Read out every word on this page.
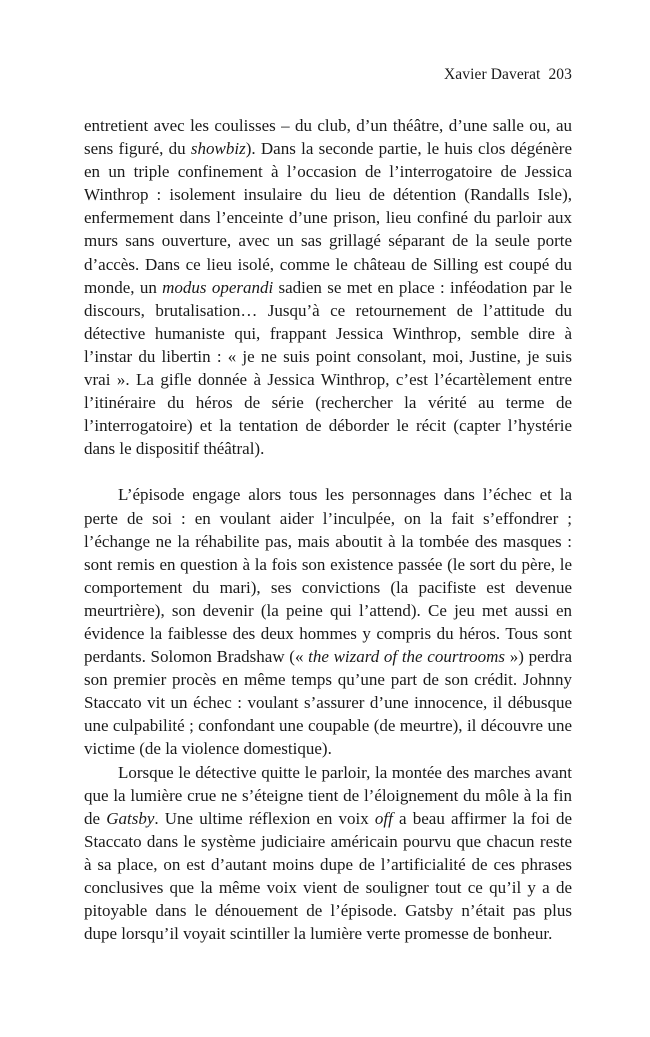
Xavier Daverat 203

entretient avec les coulisses – du club, d’un théâtre, d’une salle ou, au sens figuré, du showbiz). Dans la seconde partie, le huis clos dégénère en un triple confinement à l’occasion de l’interrogatoire de Jessica Winthrop : isolement insulaire du lieu de détention (Randalls Isle), enfermement dans l’enceinte d’une prison, lieu confiné du parloir aux murs sans ouverture, avec un sas grillagé séparant de la seule porte d’accès. Dans ce lieu isolé, comme le château de Silling est coupé du monde, un modus operandi sadien se met en place : inféodation par le discours, brutalisation… Jusqu’à ce retournement de l’attitude du détective humaniste qui, frappant Jessica Winthrop, semble dire à l’instar du libertin : « je ne suis point consolant, moi, Justine, je suis vrai ». La gifle donnée à Jessica Winthrop, c’est l’écartèlement entre l’itinéraire du héros de série (rechercher la vérité au terme de l’interrogatoire) et la tentation de déborder le récit (capter l’hystérie dans le dispositif théâtral).

L’épisode engage alors tous les personnages dans l’échec et la perte de soi : en voulant aider l’inculpée, on la fait s’effondrer ; l’échange ne la réhabilite pas, mais aboutit à la tombée des masques : sont remis en question à la fois son existence passée (le sort du père, le comportement du mari), ses convictions (la pacifiste est devenue meurtrière), son devenir (la peine qui l’attend). Ce jeu met aussi en évidence la faiblesse des deux hommes y compris du héros. Tous sont perdants. Solomon Bradshaw (« the wizard of the courtrooms ») perdra son premier procès en même temps qu’une part de son crédit. Johnny Staccato vit un échec : voulant s’assurer d’une innocence, il débusque une culpabilité ; confondant une coupable (de meurtre), il découvre une victime (de la violence domestique).

Lorsque le détective quitte le parloir, la montée des marches avant que la lumière crue ne s’éteigne tient de l’éloignement du môle à la fin de Gatsby. Une ultime réflexion en voix off a beau affirmer la foi de Staccato dans le système judiciaire américain pourvu que chacun reste à sa place, on est d’autant moins dupe de l’artificialité de ces phrases conclusives que la même voix vient de souligner tout ce qu’il y a de pitoyable dans le dénouement de l’épisode. Gatsby n’était pas plus dupe lorsqu’il voyait scintiller la lumière verte promesse de bonheur.
